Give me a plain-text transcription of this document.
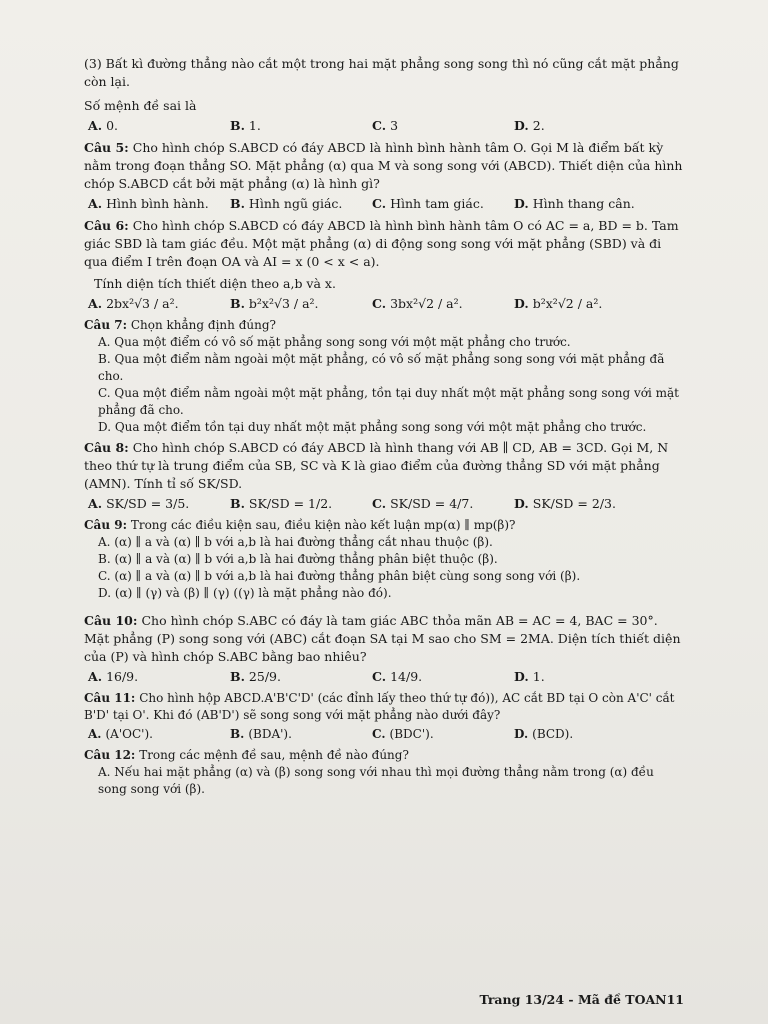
(3) Bất kì đường thẳng nào cắt một trong hai mặt phẳng song song thì nó cũng cắt mặt phẳng còn lại.
Số mệnh đề sai là
A. 0.	B. 1.	C. 3	D. 2.
Câu 5: Cho hình chóp S.ABCD có đáy ABCD là hình bình hành tâm O. Gọi M là điểm bất kỳ nằm trong đoạn thẳng SO. Mặt phẳng (α) qua M và song song với (ABCD). Thiết diện của hình chóp S.ABCD cắt bởi mặt phẳng (α) là hình gì?
A. Hình bình hành.	B. Hình ngũ giác.	C. Hình tam giác.	D. Hình thang cân.
Câu 6: Cho hình chóp S.ABCD có đáy ABCD là hình bình hành tâm O có AC = a, BD = b. Tam giác SBD là tam giác đều. Một mặt phẳng (α) di động song song với mặt phẳng (SBD) và đi qua điểm I trên đoạn OA và AI = x (0 < x < a).
Tính diện tích thiết diện theo a,b và x.
A. 2bx²√3 / a².	B. b²x²√3 / a².	C. 3bx²√2 / a².	D. b²x²√2 / a².
Câu 7: Chọn khẳng định đúng?
A. Qua một điểm có vô số mặt phẳng song song với một mặt phẳng cho trước.
B. Qua một điểm nằm ngoài một mặt phẳng, có vô số mặt phẳng song song với mặt phẳng đã cho.
C. Qua một điểm nằm ngoài một mặt phẳng, tồn tại duy nhất một mặt phẳng song song với mặt phẳng đã cho.
D. Qua một điểm tồn tại duy nhất một mặt phẳng song song với một mặt phẳng cho trước.
Câu 8: Cho hình chóp S.ABCD có đáy ABCD là hình thang với AB ∥ CD, AB = 3CD. Gọi M, N theo thứ tự là trung điểm của SB, SC và K là giao điểm của đường thẳng SD với mặt phẳng (AMN). Tính tỉ số SK/SD.
A. SK/SD = 3/5.	B. SK/SD = 1/2.	C. SK/SD = 4/7.	D. SK/SD = 2/3.
Câu 9: Trong các điều kiện sau, điều kiện nào kết luận mp(α) ∥ mp(β)?
A. (α) ∥ a và (α) ∥ b với a,b là hai đường thẳng cắt nhau thuộc (β).
B. (α) ∥ a và (α) ∥ b với a,b là hai đường thẳng phân biệt thuộc (β).
C. (α) ∥ a và (α) ∥ b với a,b là hai đường thẳng phân biệt cùng song song với (β).
D. (α) ∥ (γ) và (β) ∥ (γ) ((γ) là mặt phẳng nào đó).
Câu 10: Cho hình chóp S.ABC có đáy là tam giác ABC thỏa mãn AB = AC = 4, BAC = 30°. Mặt phẳng (P) song song với (ABC) cắt đoạn SA tại M sao cho SM = 2MA. Diện tích thiết diện của (P) và hình chóp S.ABC bằng bao nhiêu?
A. 16/9.	B. 25/9.	C. 14/9.	D. 1.
Câu 11: Cho hình hộp ABCD.A'B'C'D' (các đỉnh lấy theo thứ tự đó)), AC cắt BD tại O còn A'C' cắt B'D' tại O'. Khi đó (AB'D') sẽ song song với mặt phẳng nào dưới đây?
A. (A'OC').	B. (BDA').	C. (BDC').	D. (BCD).
Câu 12: Trong các mệnh đề sau, mệnh đề nào đúng?
A. Nếu hai mặt phẳng (α) và (β) song song với nhau thì mọi đường thẳng nằm trong (α) đều song song với (β).
Trang 13/24 - Mã đề TOAN11
